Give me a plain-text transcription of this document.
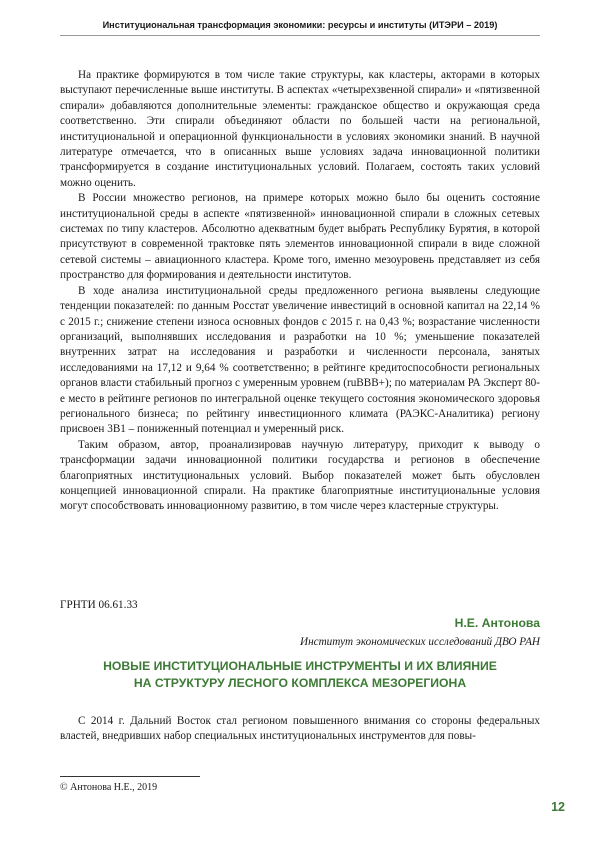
Институциональная трансформация экономики: ресурсы и институты (ИТЭРИ – 2019)

На практике формируются в том числе такие структуры, как кластеры, акторами в которых выступают перечисленные выше институты. В аспектах «четырехзвенной спирали» и «пятизвенной спирали» добавляются дополнительные элементы: гражданское общество и окружающая среда соответственно. Эти спирали объединяют области по большей части на региональной, институциональной и операционной функциональности в условиях экономики знаний. В научной литературе отмечается, что в описанных выше условиях задача инновационной политики трансформируется в создание институциональных условий. Полагаем, состоять таких условий можно оценить.

В России множество регионов, на примере которых можно было бы оценить состояние институциональной среды в аспекте «пятизвенной» инновационной спирали в сложных сетевых системах по типу кластеров. Абсолютно адекватным будет выбрать Республику Бурятия, в которой присутствуют в современной трактовке пять элементов инновационной спирали в виде сложной сетевой системы – авиационного кластера. Кроме того, именно мезоуровень представляет из себя пространство для формирования и деятельности институтов.

В ходе анализа институциональной среды предложенного региона выявлены следующие тенденции показателей: по данным Росстат увеличение инвестиций в основной капитал на 22,14 % с 2015 г.; снижение степени износа основных фондов с 2015 г. на 0,43 %; возрастание численности организаций, выполнявших исследования и разработки на 10 %; уменьшение показателей внутренних затрат на исследования и разработки и численности персонала, занятых исследованиями на 17,12 и 9,64 % соответственно; в рейтинге кредитоспособности региональных органов власти стабильный прогноз с умеренным уровнем (ruBBB+); по материалам РА Эксперт 80-е место в рейтинге регионов по интегральной оценке текущего состояния экономического здоровья регионального бизнеса; по рейтингу инвестиционного климата (РАЭКС-Аналитика) региону присвоен 3В1 – пониженный потенциал и умеренный риск.

Таким образом, автор, проанализировав научную литературу, приходит к выводу о трансформации задачи инновационной политики государства и регионов в обеспечение благоприятных институциональных условий. Выбор показателей может быть обусловлен концепцией инновационной спирали. На практике благоприятные институциональные условия могут способствовать инновационному развитию, в том числе через кластерные структуры.

ГРНТИ 06.61.33
Н.Е. Антонова
Институт экономических исследований ДВО РАН
НОВЫЕ ИНСТИТУЦИОНАЛЬНЫЕ ИНСТРУМЕНТЫ И ИХ ВЛИЯНИЕ
НА СТРУКТУРУ ЛЕСНОГО КОМПЛЕКСА МЕЗОРЕГИОНА

С 2014 г. Дальний Восток стал регионом повышенного внимания со стороны федеральных властей, внедривших набор специальных институциональных инструментов для повы-

© Антонова Н.Е., 2019
12
